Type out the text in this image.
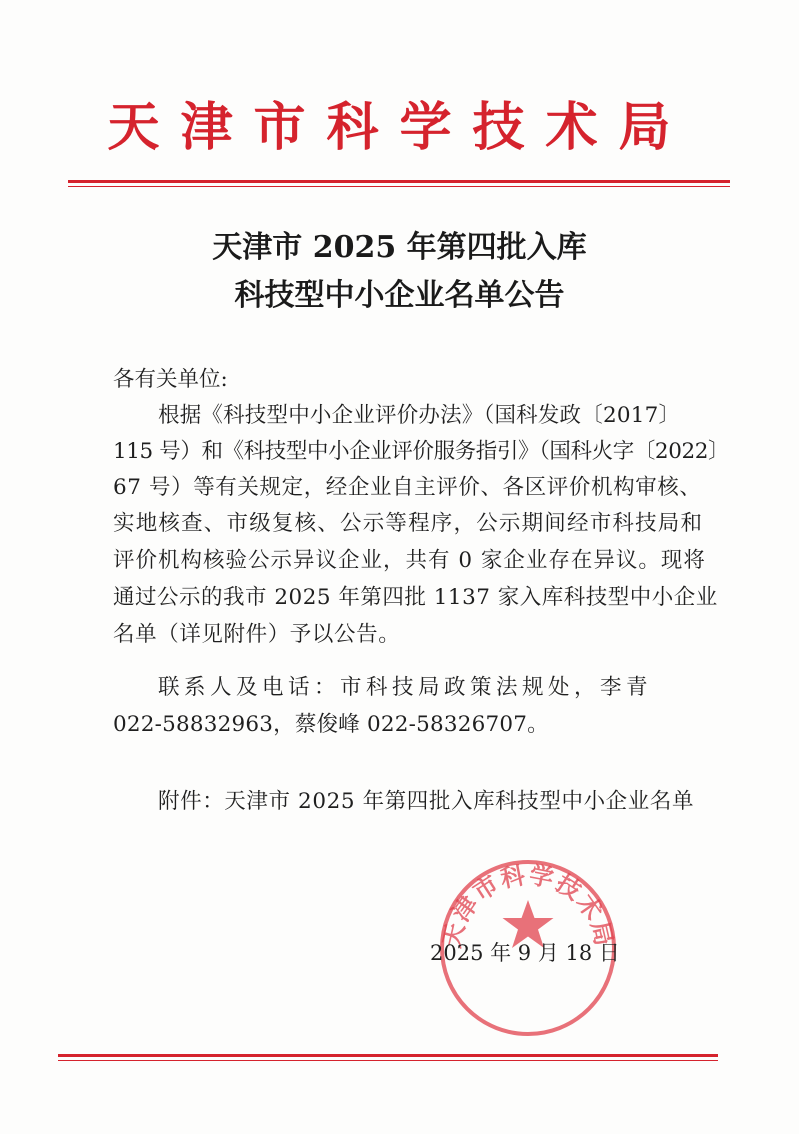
天津市科学技术局
天津市 2025 年第四批入库
科技型中小企业名单公告
各有关单位:
根据《科技型中小企业评价办法》（国科发政〔2017〕
115 号）和《科技型中小企业评价服务指引》（国科火字〔2022〕
67 号）等有关规定，经企业自主评价、各区评价机构审核、
实地核查、市级复核、公示等程序，公示期间经市科技局和
评价机构核验公示异议企业，共有 0 家企业存在异议。现将
通过公示的我市 2025 年第四批 1137 家入库科技型中小企业
名单（详见附件）予以公告。
联系人及电话：市科技局政策法规处，李青
022-58832963，蔡俊峰 022-58326707。
附件：天津市 2025 年第四批入库科技型中小企业名单
天津市科学技术局
2025 年 9 月 18 日
